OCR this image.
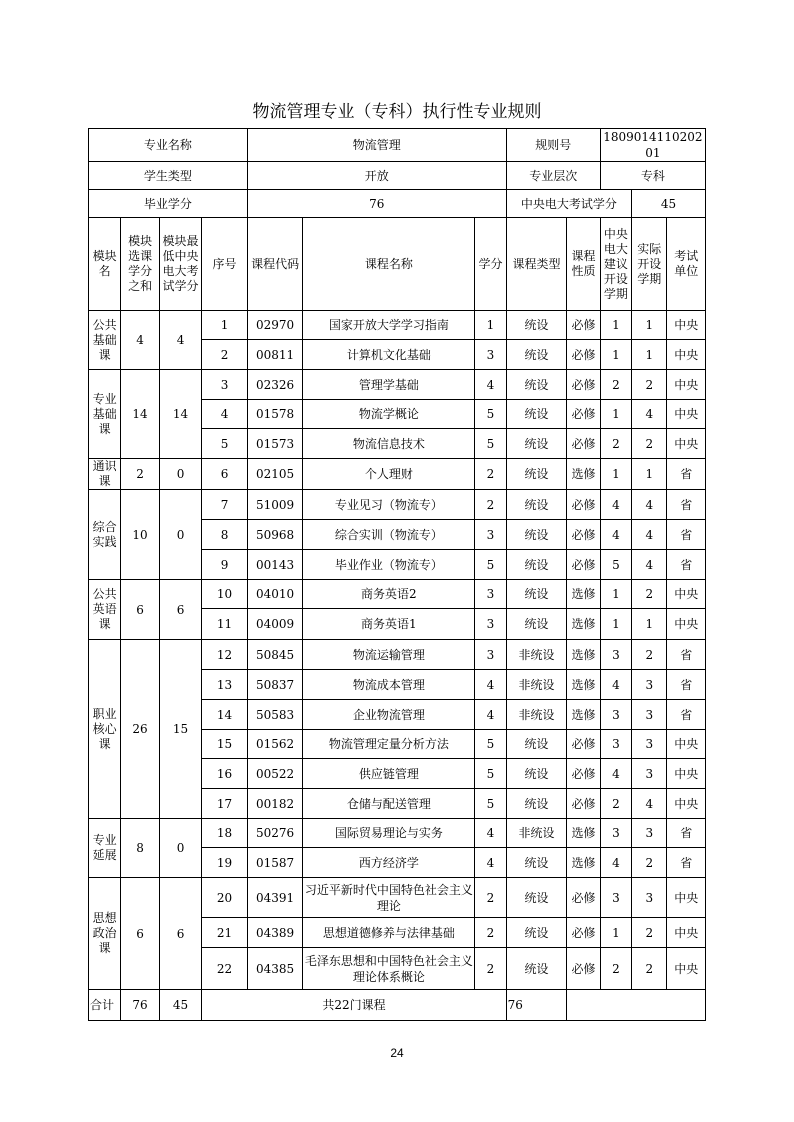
物流管理专业（专科）执行性专业规则
专业名称				物流管理			规则号		180901411020201		
学生类型				开放			专业层次		专科		
毕业学分				76			中央电大考试学分			45	
模块名	模块选课学分之和	模块最低中央电大考试学分	序号	课程代码	课程名称	学分	课程类型	课程性质	中央电大建议开设学期	实际开设学期	考试单位
公共基础课	4	4	1	02970	国家开放大学学习指南	1	统设	必修	1	1	中央
			2	00811	计算机文化基础	3	统设	必修	1	1	中央
专业基础课	14	14	3	02326	管理学基础	4	统设	必修	2	2	中央
			4	01578	物流学概论	5	统设	必修	1	4	中央
			5	01573	物流信息技术	5	统设	必修	2	2	中央
通识课	2	0	6	02105	个人理财	2	统设	选修	1	1	省
综合实践	10	0	7	51009	专业见习（物流专）	2	统设	必修	4	4	省
			8	50968	综合实训（物流专）	3	统设	必修	4	4	省
			9	00143	毕业作业（物流专）	5	统设	必修	5	4	省
公共英语课	6	6	10	04010	商务英语2	3	统设	选修	1	2	中央
			11	04009	商务英语1	3	统设	选修	1	1	中央
职业核心课	26	15	12	50845	物流运输管理	3	非统设	选修	3	2	省
			13	50837	物流成本管理	4	非统设	选修	4	3	省
			14	50583	企业物流管理	4	非统设	选修	3	3	省
			15	01562	物流管理定量分析方法	5	统设	必修	3	3	中央
			16	00522	供应链管理	5	统设	必修	4	3	中央
			17	00182	仓储与配送管理	5	统设	必修	2	4	中央
专业延展	8	0	18	50276	国际贸易理论与实务	4	非统设	选修	3	3	省
			19	01587	西方经济学	4	统设	选修	4	2	省
思想政治课	6	6	20	04391	习近平新时代中国特色社会主义理论	2	统设	必修	3	3	中央
			21	04389	思想道德修养与法律基础	2	统设	必修	1	2	中央
			22	04385	毛泽东思想和中国特色社会主义理论体系概论	2	统设	必修	2	2	中央
合计	76	45	共22门课程				76				
24
